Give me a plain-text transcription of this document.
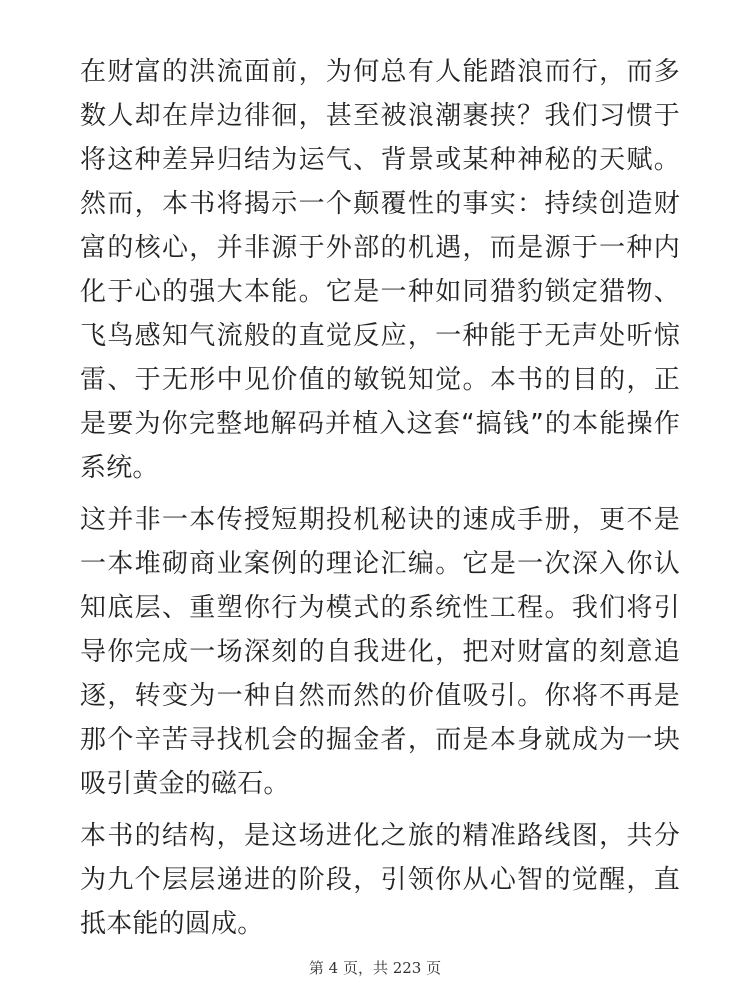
在财富的洪流面前，为何总有人能踏浪而行，而多数人却在岸边徘徊，甚至被浪潮裹挟？我们习惯于将这种差异归结为运气、背景或某种神秘的天赋。然而，本书将揭示一个颠覆性的事实：持续创造财富的核心，并非源于外部的机遇，而是源于一种内化于心的强大本能。它是一种如同猎豹锁定猎物、飞鸟感知气流般的直觉反应，一种能于无声处听惊雷、于无形中见价值的敏锐知觉。本书的目的，正是要为你完整地解码并植入这套“搞钱”的本能操作系统。

这并非一本传授短期投机秘诀的速成手册，更不是一本堆砌商业案例的理论汇编。它是一次深入你认知底层、重塑你行为模式的系统性工程。我们将引导你完成一场深刻的自我进化，把对财富的刻意追逐，转变为一种自然而然的价值吸引。你将不再是那个辛苦寻找机会的掘金者，而是本身就成为一块吸引黄金的磁石。

本书的结构，是这场进化之旅的精准路线图，共分为九个层层递进的阶段，引领你从心智的觉醒，直抵本能的圆成。

第 4 页，共 223 页
